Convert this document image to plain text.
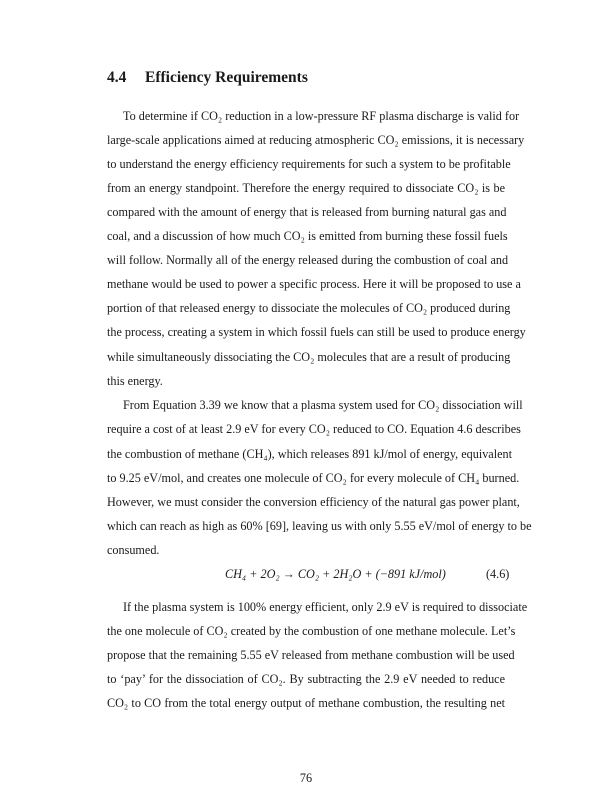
4.4 Efficiency Requirements
To determine if CO₂ reduction in a low-pressure RF plasma discharge is valid for
large-scale applications aimed at reducing atmospheric CO₂ emissions, it is necessary
to understand the energy efficiency requirements for such a system to be profitable
from an energy standpoint. Therefore the energy required to dissociate CO₂ is be
compared with the amount of energy that is released from burning natural gas and
coal, and a discussion of how much CO₂ is emitted from burning these fossil fuels
will follow. Normally all of the energy released during the combustion of coal and
methane would be used to power a specific process. Here it will be proposed to use a
portion of that released energy to dissociate the molecules of CO₂ produced during
the process, creating a system in which fossil fuels can still be used to produce energy
while simultaneously dissociating the CO₂ molecules that are a result of producing
this energy.
From Equation 3.39 we know that a plasma system used for CO₂ dissociation will
require a cost of at least 2.9 eV for every CO₂ reduced to CO. Equation 4.6 describes
the combustion of methane (CH₄), which releases 891 kJ/mol of energy, equivalent
to 9.25 eV/mol, and creates one molecule of CO₂ for every molecule of CH₄ burned.
However, we must consider the conversion efficiency of the natural gas power plant,
which can reach as high as 60% [69], leaving us with only 5.55 eV/mol of energy to be
consumed.
If the plasma system is 100% energy efficient, only 2.9 eV is required to dissociate
the one molecule of CO₂ created by the combustion of one methane molecule. Let’s
propose that the remaining 5.55 eV released from methane combustion will be used
to ‘pay’ for the dissociation of CO₂. By subtracting the 2.9 eV needed to reduce
CO₂ to CO from the total energy output of methane combustion, the resulting net
CH₄ + 2O₂ → CO₂ + 2H₂O + (−891 kJ/mol)	(4.6)
76
